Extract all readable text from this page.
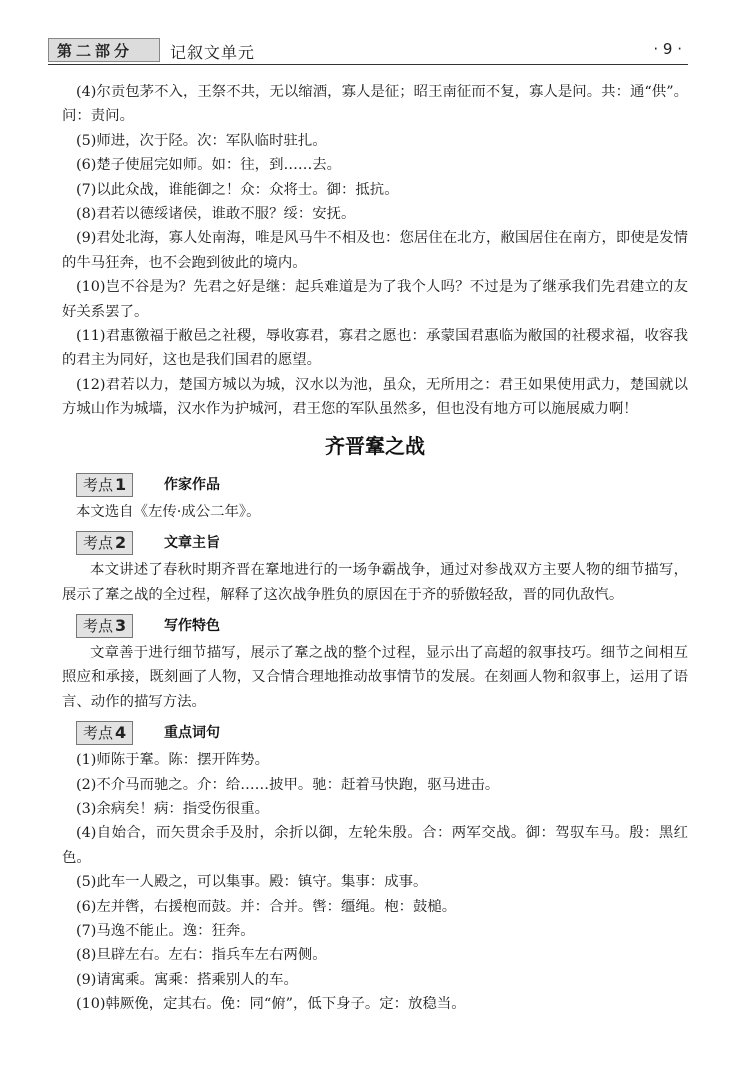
第二部分	记叙文单元	· 9 ·

(4)尔贡包茅不入，王祭不共，无以缩酒，寡人是征；昭王南征而不复，寡人是问。共：通“供”。问：责问。

(5)师进，次于陉。次：军队临时驻扎。

(6)楚子使屈完如师。如：往，到……去。

(7)以此众战，谁能御之！众：众将士。御：抵抗。

(8)君若以德绥诸侯，谁敢不服？绥：安抚。

(9)君处北海，寡人处南海，唯是风马牛不相及也：您居住在北方，敝国居住在南方，即使是发情的牛马狂奔，也不会跑到彼此的境内。

(10)岂不谷是为？先君之好是继：起兵难道是为了我个人吗？不过是为了继承我们先君建立的友好关系罢了。

(11)君惠徼福于敝邑之社稷，辱收寡君，寡君之愿也：承蒙国君惠临为敝国的社稷求福，收容我的君主为同好，这也是我们国君的愿望。

(12)君若以力，楚国方城以为城，汉水以为池，虽众，无所用之：君王如果使用武力，楚国就以方城山作为城墙，汉水作为护城河，君王您的军队虽然多，但也没有地方可以施展威力啊！

齐晋鞌之战
考点 1	作家作品

本文选自《左传·成公二年》。

考点 2	文章主旨

本文讲述了春秋时期齐晋在鞌地进行的一场争霸战争，通过对参战双方主要人物的细节描写，展示了鞌之战的全过程，解释了这次战争胜负的原因在于齐的骄傲轻敌，晋的同仇敌忾。

考点 3	写作特色

文章善于进行细节描写，展示了鞌之战的整个过程，显示出了高超的叙事技巧。细节之间相互照应和承接，既刻画了人物，又合情合理地推动故事情节的发展。在刻画人物和叙事上，运用了语言、动作的描写方法。

考点 4	重点词句

(1)师陈于鞌。陈：摆开阵势。

(2)不介马而驰之。介：给……披甲。驰：赶着马快跑，驱马进击。

(3)余病矣！病：指受伤很重。

(4)自始合，而矢贯余手及肘，余折以御，左轮朱殷。合：两军交战。御：驾驭车马。殷：黑红色。

(5)此车一人殿之，可以集事。殿：镇守。集事：成事。

(6)左并辔，右援枹而鼓。并：合并。辔：缰绳。枹：鼓槌。

(7)马逸不能止。逸：狂奔。

(8)旦辟左右。左右：指兵车左右两侧。

(9)请寓乘。寓乘：搭乘别人的车。

(10)韩厥俛，定其右。俛：同“俯”，低下身子。定：放稳当。
